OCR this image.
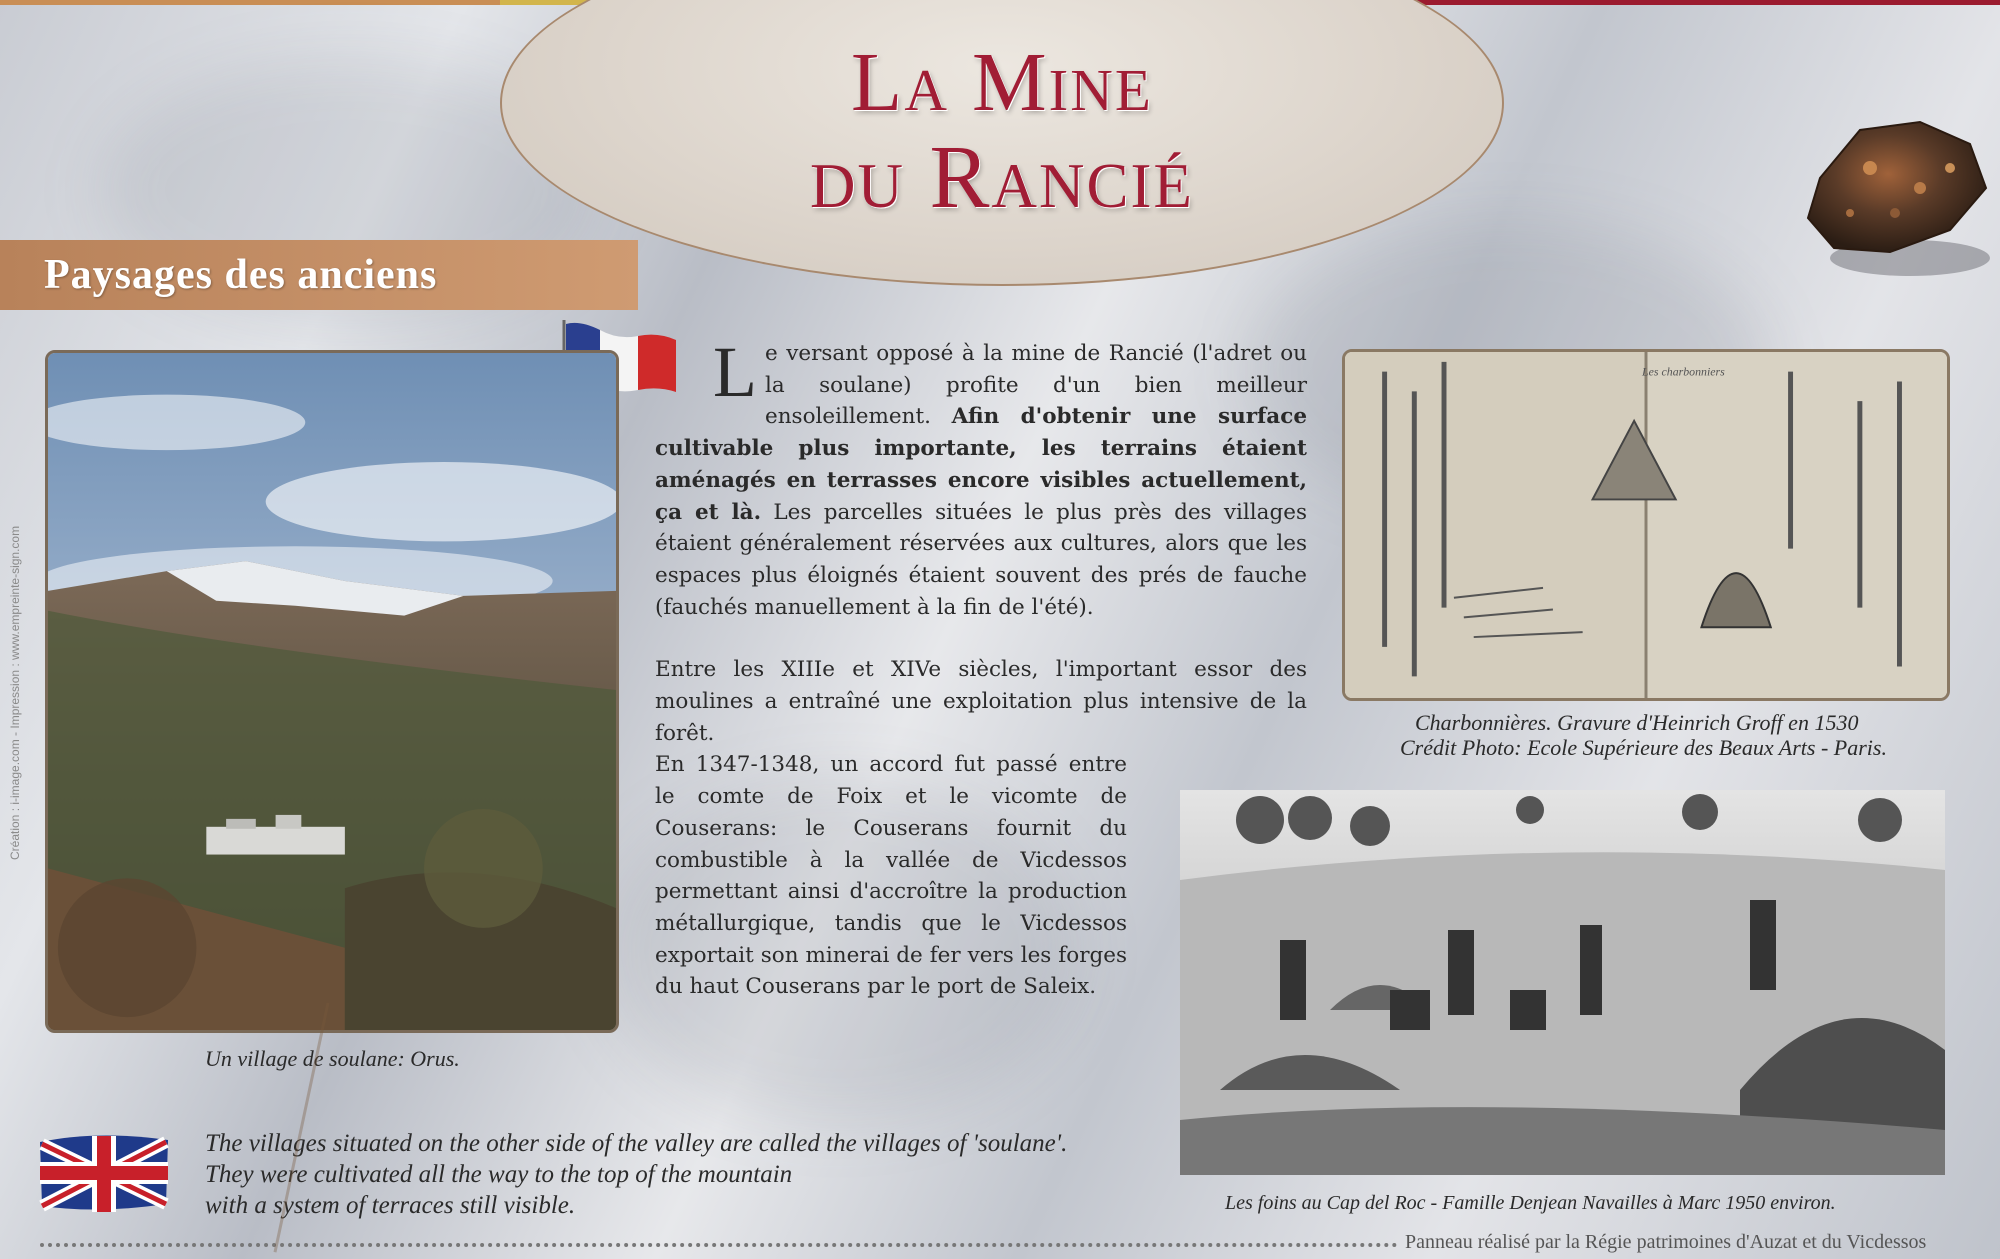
La Mine
du Rancié
Paysages des anciens
Un village de soulane: Orus.
Les charbonniers
Charbonnières. Gravure d'Heinrich Groff en 1530
Crédit Photo: Ecole Supérieure des Beaux Arts - Paris.
Les foins au Cap del Roc - Famille Denjean Navailles à Marc 1950 environ.

Le versant opposé à la mine de Rancié (l'adret ou la soulane) profite d'un bien meilleur ensoleillement. Afin d'obtenir une surface cultivable plus importante, les terrains étaient aménagés en terrasses encore visibles actuellement, ça et là. Les parcelles situées le plus près des villages étaient généralement réservées aux cultures, alors que les espaces plus éloignés étaient souvent des prés de fauche (fauchés manuellement à la fin de l'été).

Entre les XIIIe et XIVe siècles, l'important essor des moulines a entraîné une exploitation plus intensive de la forêt.

En 1347-1348, un accord fut passé entre le comte de Foix et le vicomte de Couserans: le Couserans fournit du combustible à la vallée de Vicdessos permettant ainsi d'accroître la production métallurgique, tandis que le Vicdessos exportait son minerai de fer vers les forges du haut Couserans par le port de Saleix.

The villages situated on the other side of the valley are called the villages of 'soulane'.
They were cultivated all the way to the top of the mountain
with a system of terraces still visible.
Panneau réalisé par la Régie patrimoines d'Auzat et du Vicdessos
Création : i-image.com - Impression : www.empreinte-sign.com
